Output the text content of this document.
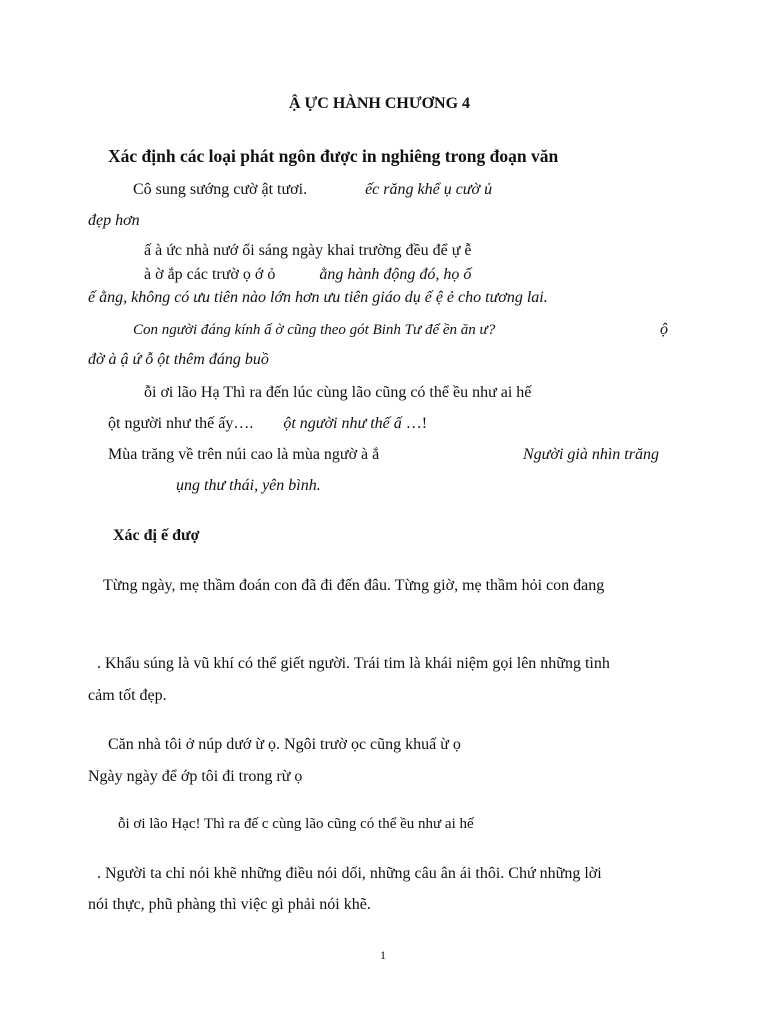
Ậ ỰC HÀNH CHƯƠNG 4
Xác định các loại phát ngôn được in nghiêng trong đoạn văn
Cô sung sướng cườ ật tươi.	ếc răng khể ụ cườ ủ
đẹp hơn
ấ à ức nhà nướ ổi sáng ngày khai trường đều để ự ễ
à ờ ắp các trườ ọ ớ ỏ	ằng hành động đó, họ ố
ế ằng, không có ưu tiên nào lớn hơn ưu tiên giáo dụ ế ệ ẻ cho tương lai.
Con người đáng kính ấ ờ cũng theo gót Binh Tư để ền ăn ư?	ộ
đờ à ậ ứ ỗ ột thêm đáng buồ
ỗi ơi lão Hạ Thì ra đến lúc cùng lão cũng có thể ều như ai hế
ột người như thế ấy…. ột người như thế ấ …!
Mùa trăng về trên núi cao là mùa ngườ à ắ	Người già nhìn trăng
ụng thư thái, yên bình.
Xác đị ế đượ
Từng ngày, mẹ thầm đoán con đã đi đến đâu. Từng giờ, mẹ thầm hỏi con đang
. Khẩu súng là vũ khí có thể giết người. Trái tim là khái niệm gọi lên những tình
cảm tốt đẹp.
Căn nhà tôi ở núp dướ ừ ọ. Ngôi trườ ọc cũng khuấ ừ ọ
Ngày ngày để ớp tôi đi trong rừ ọ
ỗi ơi lão Hạc! Thì ra đế c cùng lão cũng có thể ều như ai hế
. Người ta chỉ nói khẽ những điều nói dối, những câu ân ái thôi. Chứ những lời
nói thực, phũ phàng thì việc gì phải nói khẽ.
1
